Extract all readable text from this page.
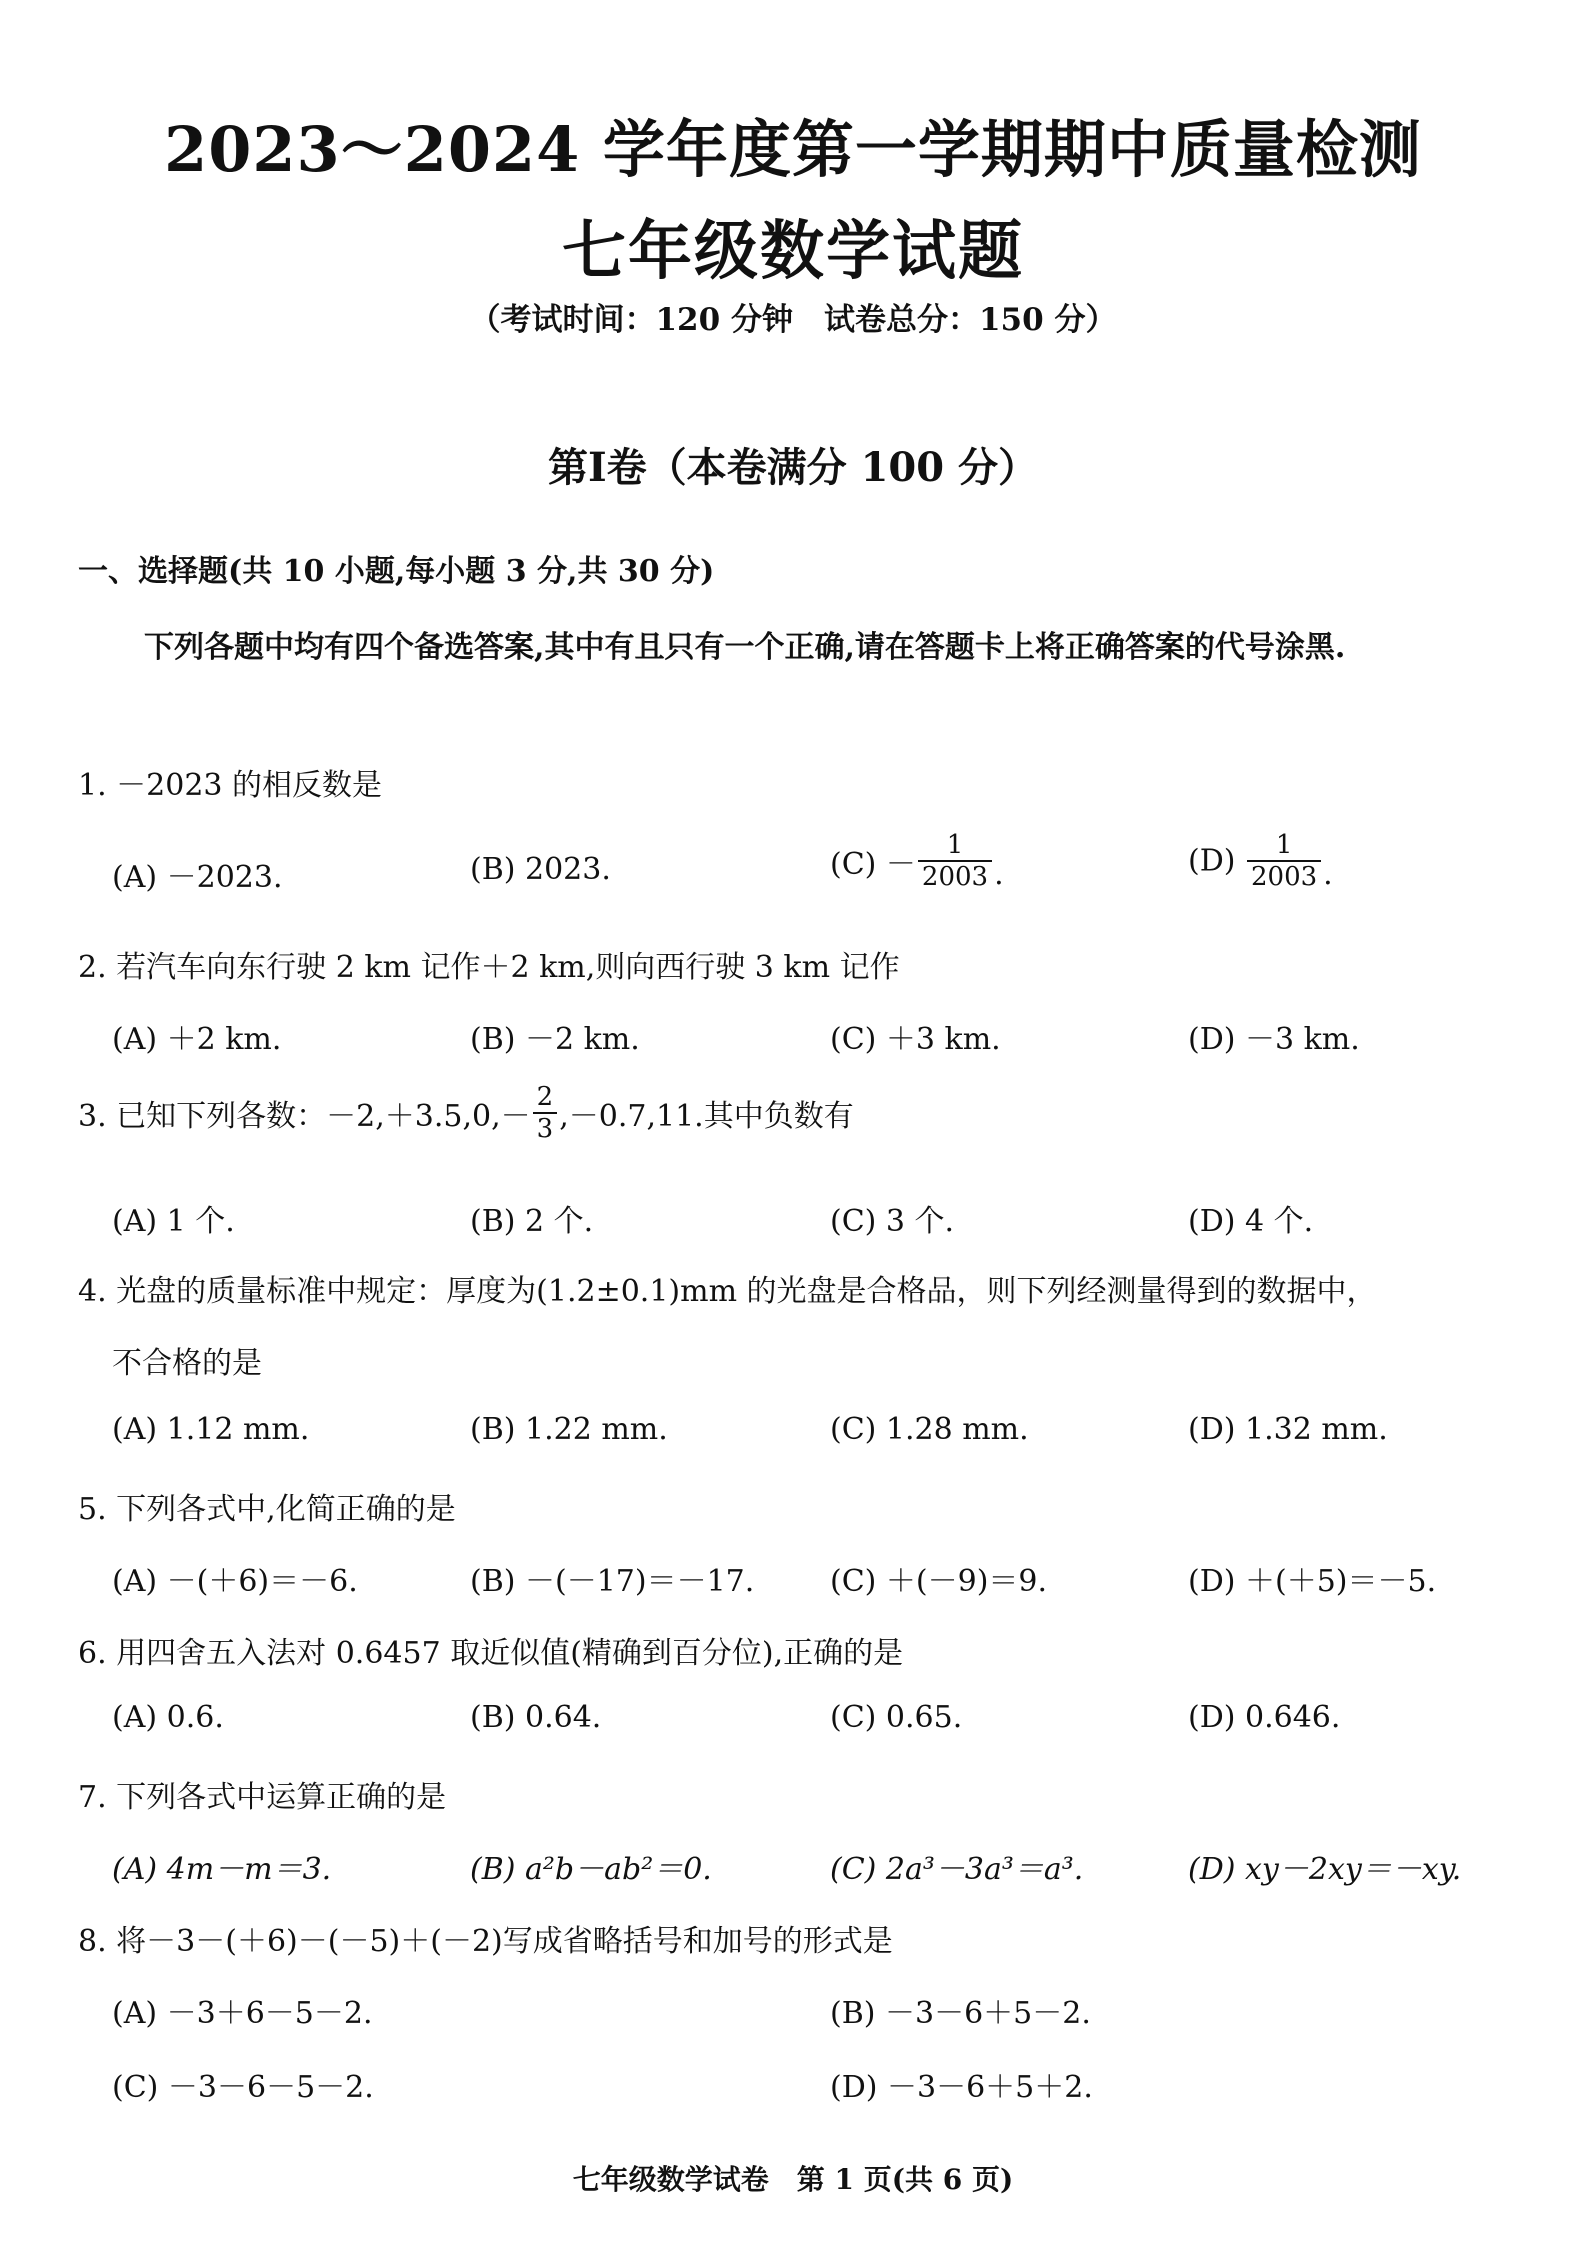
2023～2024 学年度第一学期期中质量检测
七年级数学试题
（考试时间：120 分钟　试卷总分：150 分）
第Ⅰ卷（本卷满分 100 分）
一、选择题(共 10 小题,每小题 3 分,共 30 分)
下列各题中均有四个备选答案,其中有且只有一个正确,请在答题卡上将正确答案的代号涂黑.
1. －2023 的相反数是
(A) －2023.	(B) 2023.	$(C) - \frac{1}{2003}$ .	$(D) \frac{1}{2003}$ .
2. 若汽车向东行驶 2 km 记作＋2 km,则向西行驶 3 km 记作
(A) ＋2 km.	(B) －2 km.	(C) ＋3 km.	(D) －3 km.
3. 已知下列各数：$-2,+3.5,0,- \frac{2}{3} ,-0.7,11$.其中负数有
(A) 1 个.	(B) 2 个.	(C) 3 个.	(D) 4 个.
4. 光盘的质量标准中规定：厚度为(1.2±0.1)mm 的光盘是合格品，则下列经测量得到的数据中，
不合格的是
(A) 1.12 mm.	(B) 1.22 mm.	(C) 1.28 mm.	(D) 1.32 mm.
5. 下列各式中,化简正确的是
(A) －(＋6)＝－6.	(B) －(－17)＝－17.	(C) ＋(－9)＝9.	(D) ＋(＋5)＝－5.
6. 用四舍五入法对 0.6457 取近似值(精确到百分位),正确的是
(A) 0.6.	(B) 0.64.	(C) 0.65.	(D) 0.646.
7. 下列各式中运算正确的是
(A) 4m－m＝3.	(B) a²b－ab²＝0.	(C) 2a³－3a³＝a³.	(D) xy－2xy＝－xy.
8. 将－3－(＋6)－(－5)＋(－2)写成省略括号和加号的形式是
(A) －3＋6－5－2.	(B) －3－6＋5－2.
(C) －3－6－5－2.	(D) －3－6＋5＋2.
七年级数学试卷　第 1 页(共 6 页)
